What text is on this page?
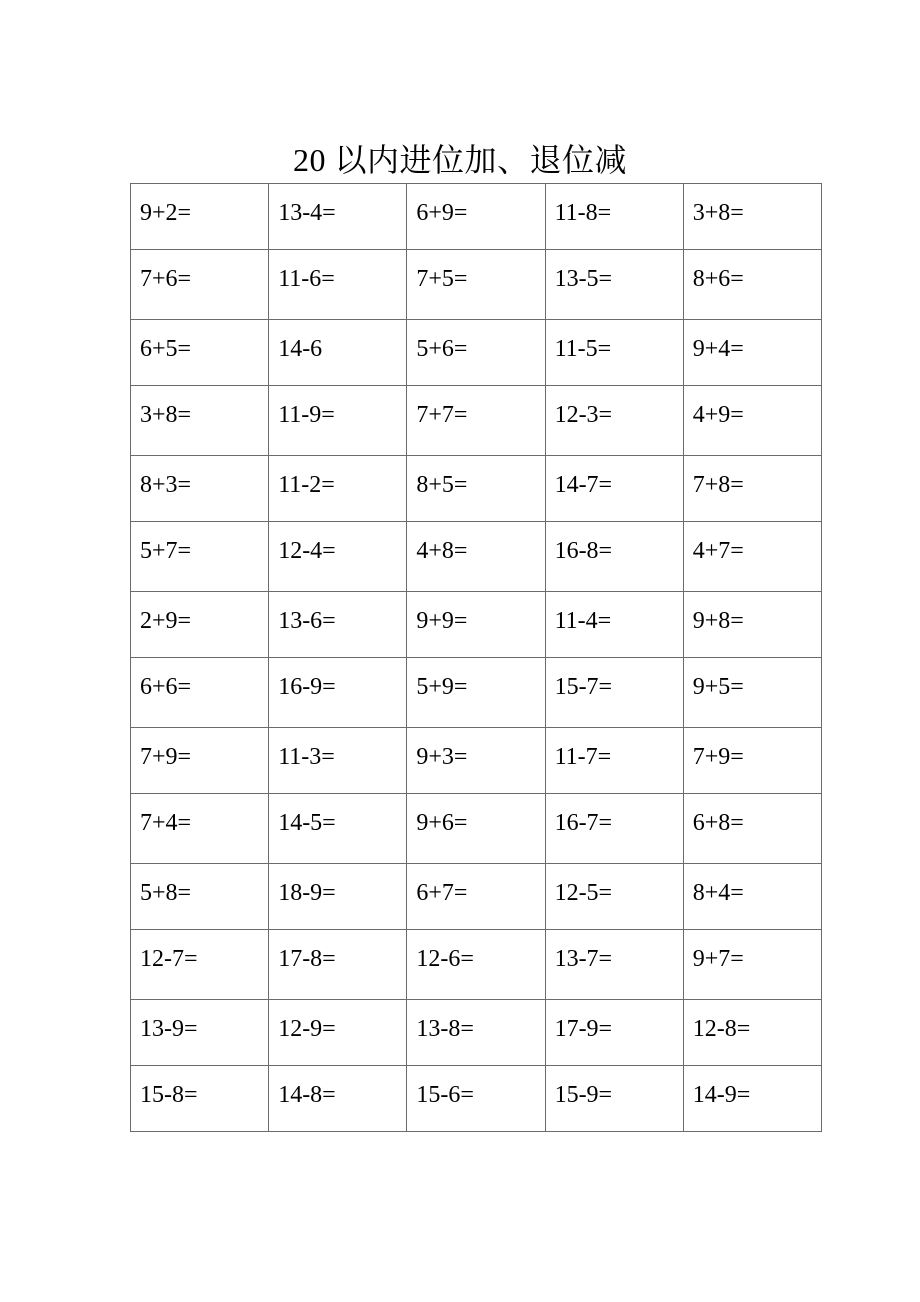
20 以内进位加、退位减
9+2=	13-4=	6+9=	11-8=	3+8=
7+6=	11-6=	7+5=	13-5=	8+6=
6+5=	14-6	5+6=	11-5=	9+4=
3+8=	11-9=	7+7=	12-3=	4+9=
8+3=	11-2=	8+5=	14-7=	7+8=
5+7=	12-4=	4+8=	16-8=	4+7=
2+9=	13-6=	9+9=	11-4=	9+8=
6+6=	16-9=	5+9=	15-7=	9+5=
7+9=	11-3=	9+3=	11-7=	7+9=
7+4=	14-5=	9+6=	16-7=	6+8=
5+8=	18-9=	6+7=	12-5=	8+4=
12-7=	17-8=	12-6=	13-7=	9+7=
13-9=	12-9=	13-8=	17-9=	12-8=
15-8=	14-8=	15-6=	15-9=	14-9=
